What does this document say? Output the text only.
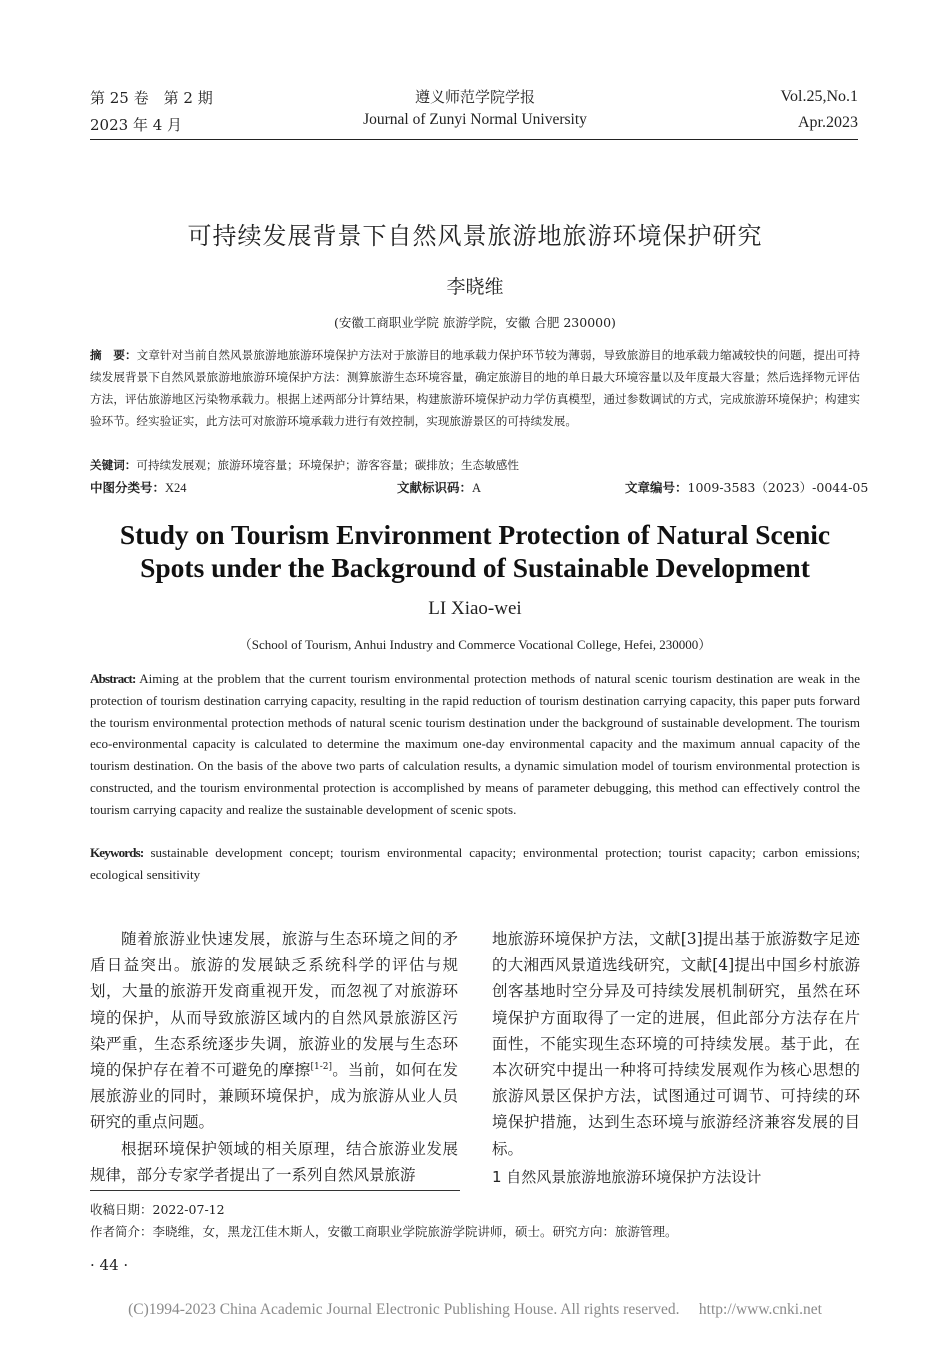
第 25 卷　第 2 期
2023 年 4 月
遵义师范学院学报
Journal of Zunyi Normal University
Vol.25,No.1
Apr.2023
可持续发展背景下自然风景旅游地旅游环境保护研究
李晓维
(安徽工商职业学院 旅游学院，安徽 合肥 230000)
摘　要：文章针对当前自然风景旅游地旅游环境保护方法对于旅游目的地承载力保护环节较为薄弱，导致旅游目的地承载力缩减较快的问题，提出可持续发展背景下自然风景旅游地旅游环境保护方法：测算旅游生态环境容量，确定旅游目的地的单日最大环境容量以及年度最大容量；然后选择物元评估方法，评估旅游地区污染物承载力。根据上述两部分计算结果，构建旅游环境保护动力学仿真模型，通过参数调试的方式，完成旅游环境保护；构建实验环节。经实验证实，此方法可对旅游环境承载力进行有效控制，实现旅游景区的可持续发展。
关键词：可持续发展观；旅游环境容量；环境保护；游客容量；碳排放；生态敏感性
中图分类号：X24	文献标识码：A	文章编号：1009-3583（2023）-0044-05
Study on Tourism Environment Protection of Natural Scenic
Spots under the Background of Sustainable Development
LI Xiao-wei
（School of Tourism, Anhui Industry and Commerce Vocational College, Hefei, 230000）
Abstract: Aiming at the problem that the current tourism environmental protection methods of natural scenic tourism destination are weak in the protection of tourism destination carrying capacity, resulting in the rapid reduction of tourism destination carrying capacity, this paper puts forward the tourism environmental protection methods of natural scenic tourism destination under the background of sustainable development. The tourism eco-environmental capacity is calculated to determine the maximum one-day environmental capacity and the maximum annual capacity of the tourism destination. On the basis of the above two parts of calculation results, a dynamic simulation model of tourism environmental protection is constructed, and the tourism environmental protection is accomplished by means of parameter debugging, this method can effectively control the tourism carrying capacity and realize the sustainable development of scenic spots.
Keywords: sustainable development concept; tourism environmental capacity; environmental protection; tourist capacity; carbon emissions; ecological sensitivity

随着旅游业快速发展，旅游与生态环境之间的矛盾日益突出。旅游的发展缺乏系统科学的评估与规划，大量的旅游开发商重视开发，而忽视了对旅游环境的保护，从而导致旅游区域内的自然风景旅游区污染严重，生态系统逐步失调，旅游业的发展与生态环境的保护存在着不可避免的摩擦[1-2]。当前，如何在发展旅游业的同时，兼顾环境保护，成为旅游从业人员研究的重点问题。

根据环境保护领域的相关原理，结合旅游业发展规律，部分专家学者提出了一系列自然风景旅游

地旅游环境保护方法，文献[3]提出基于旅游数字足迹的大湘西风景道选线研究，文献[4]提出中国乡村旅游创客基地时空分异及可持续发展机制研究，虽然在环境保护方面取得了一定的进展，但此部分方法存在片面性，不能实现生态环境的可持续发展。基于此，在本次研究中提出一种将可持续发展观作为核心思想的旅游风景区保护方法，试图通过可调节、可持续的环境保护措施，达到生态环境与旅游经济兼容发展的目标。

1 自然风景旅游地旅游环境保护方法设计
收稿日期：2022-07-12
作者简介：李晓维，女，黑龙江佳木斯人，安徽工商职业学院旅游学院讲师，硕士。研究方向：旅游管理。
· 44 ·
(C)1994-2023 China Academic Journal Electronic Publishing House. All rights reserved.　 http://www.cnki.net
